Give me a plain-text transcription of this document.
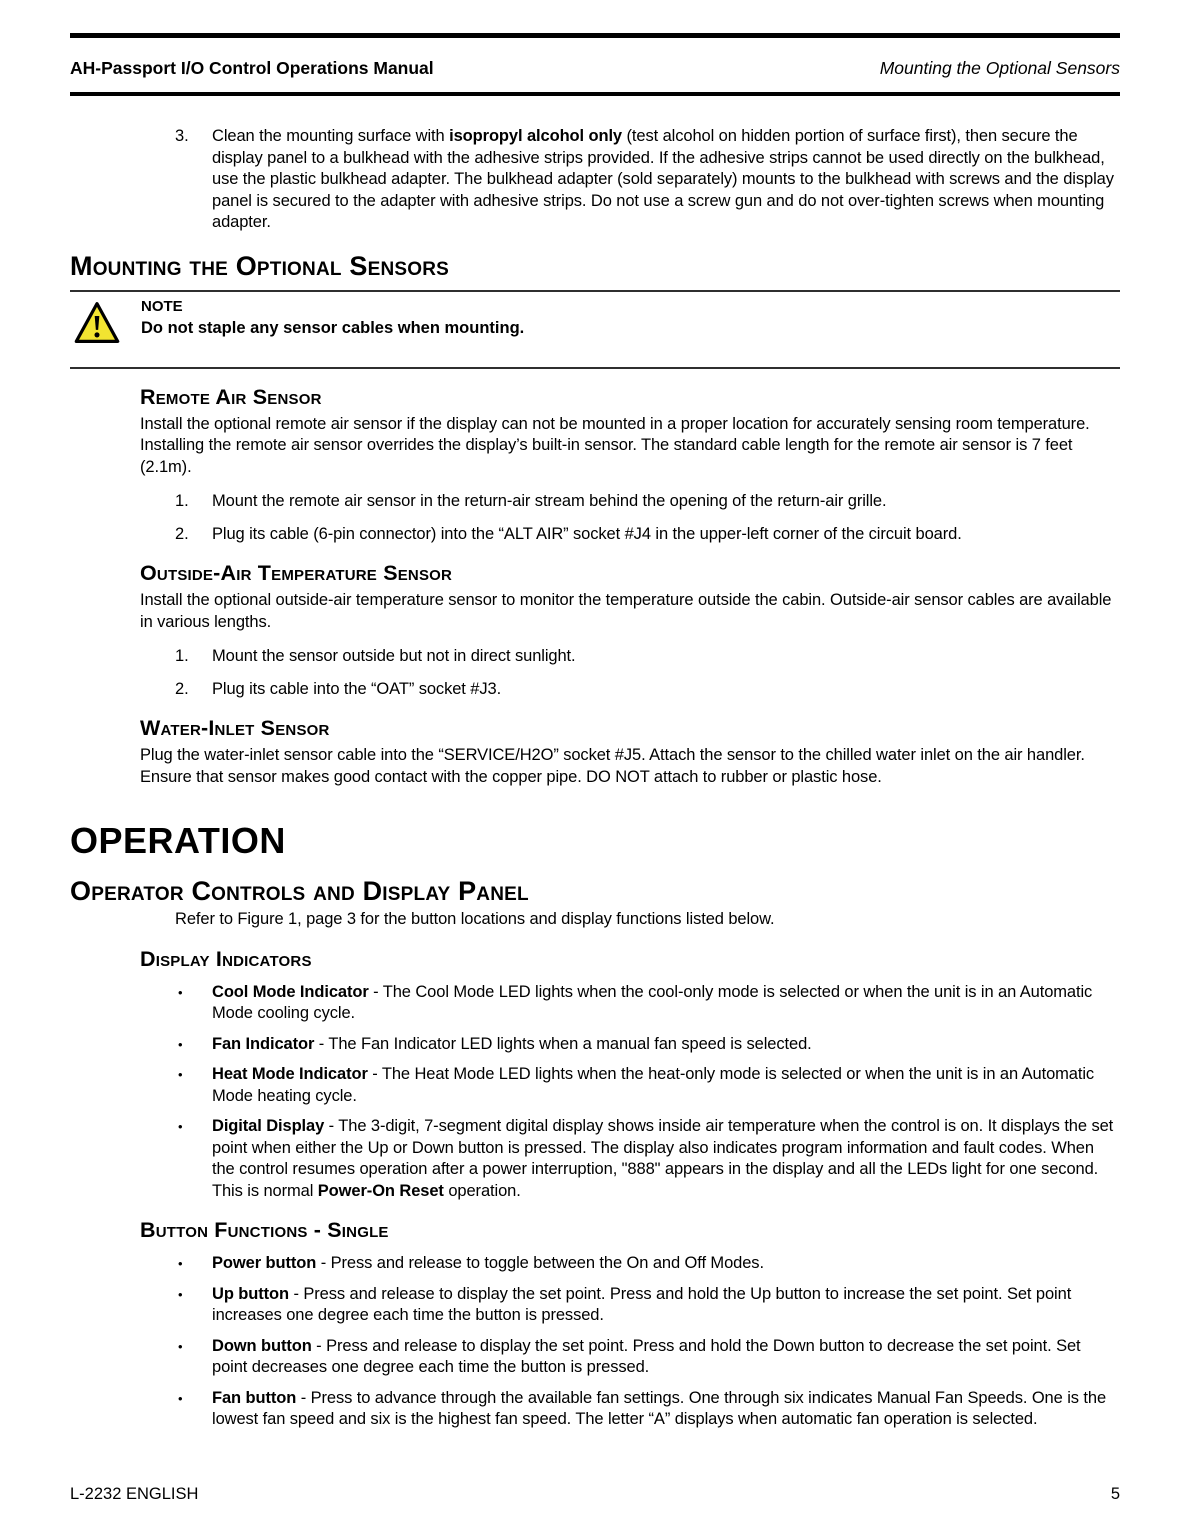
AH-Passport I/O Control Operations Manual	Mounting the Optional Sensors
3.	Clean the mounting surface with isopropyl alcohol only (test alcohol on hidden portion of surface first), then secure the display panel to a bulkhead with the adhesive strips provided. If the adhesive strips cannot be used directly on the bulkhead, use the plastic bulkhead adapter. The bulkhead adapter (sold separately) mounts to the bulkhead with screws and the display panel is secured to the adapter with adhesive strips. Do not use a screw gun and do not over-tighten screws when mounting adapter.
Mounting the Optional Sensors
NOTE
Do not staple any sensor cables when mounting.
Remote Air Sensor

Install the optional remote air sensor if the display can not be mounted in a proper location for accurately sensing room temperature. Installing the remote air sensor overrides the display’s built-in sensor. The standard cable length for the remote air sensor is 7 feet (2.1m).

1.	Mount the remote air sensor in the return-air stream behind the opening of the return-air grille.
2.	Plug its cable (6-pin connector) into the “ALT AIR” socket #J4 in the upper-left corner of the circuit board.
Outside-Air Temperature Sensor

Install the optional outside-air temperature sensor to monitor the temperature outside the cabin. Outside-air sensor cables are available in various lengths.

1.	Mount the sensor outside but not in direct sunlight.
2.	Plug its cable into the “OAT” socket #J3.
Water-Inlet Sensor

Plug the water-inlet sensor cable into the “SERVICE/H2O” socket #J5. Attach the sensor to the chilled water inlet on the air handler. Ensure that sensor makes good contact with the copper pipe. DO NOT attach to rubber or plastic hose.

OPERATION
Operator Controls and Display Panel

Refer to Figure 1, page 3 for the button locations and display functions listed below.

Display Indicators
•	Cool Mode Indicator - The Cool Mode LED lights when the cool-only mode is selected or when the unit is in an Automatic Mode cooling cycle.
•	Fan Indicator - The Fan Indicator LED lights when a manual fan speed is selected.
•	Heat Mode Indicator - The Heat Mode LED lights when the heat-only mode is selected or when the unit is in an Automatic Mode heating cycle.
•	Digital Display - The 3-digit, 7-segment digital display shows inside air temperature when the control is on. It displays the set point when either the Up or Down button is pressed. The display also indicates program information and fault codes. When the control resumes operation after a power interruption, "888" appears in the display and all the LEDs light for one second. This is normal Power-On Reset operation.
Button Functions - Single
•	Power button - Press and release to toggle between the On and Off Modes.
•	Up button - Press and release to display the set point. Press and hold the Up button to increase the set point. Set point increases one degree each time the button is pressed.
•	Down button - Press and release to display the set point. Press and hold the Down button to decrease the set point. Set point decreases one degree each time the button is pressed.
•	Fan button - Press to advance through the available fan settings. One through six indicates Manual Fan Speeds. One is the lowest fan speed and six is the highest fan speed. The letter “A” displays when automatic fan operation is selected.
L-2232 ENGLISH	5
